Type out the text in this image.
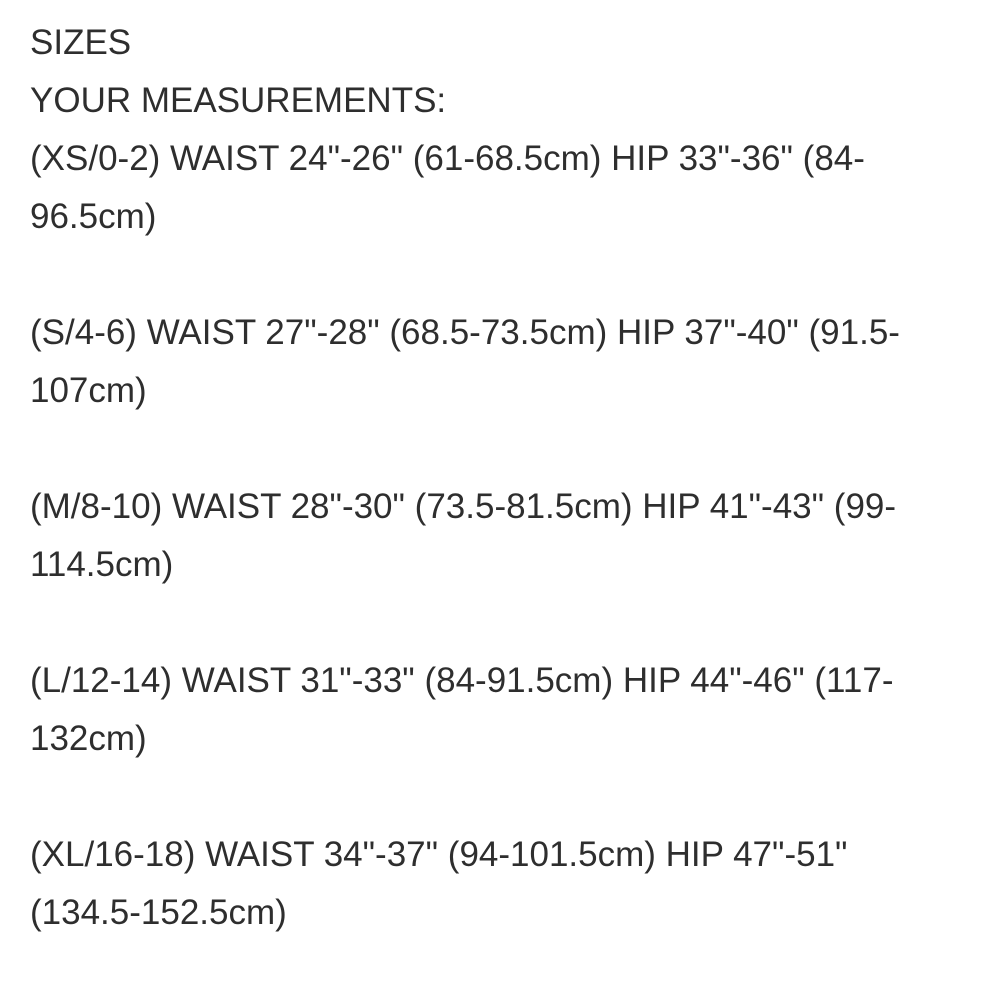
SIZES
YOUR MEASUREMENTS:
(XS/0-2) WAIST 24"-26" (61-68.5cm) HIP 33"-36" (84-96.5cm)
(S/4-6) WAIST 27"-28" (68.5-73.5cm) HIP 37"-40" (91.5-107cm)
(M/8-10) WAIST 28"-30" (73.5-81.5cm) HIP 41"-43" (99-114.5cm)
(L/12-14) WAIST 31"-33" (84-91.5cm) HIP 44"-46" (117-132cm)
(XL/16-18) WAIST 34"-37" (94-101.5cm) HIP 47"-51" (134.5-152.5cm)
